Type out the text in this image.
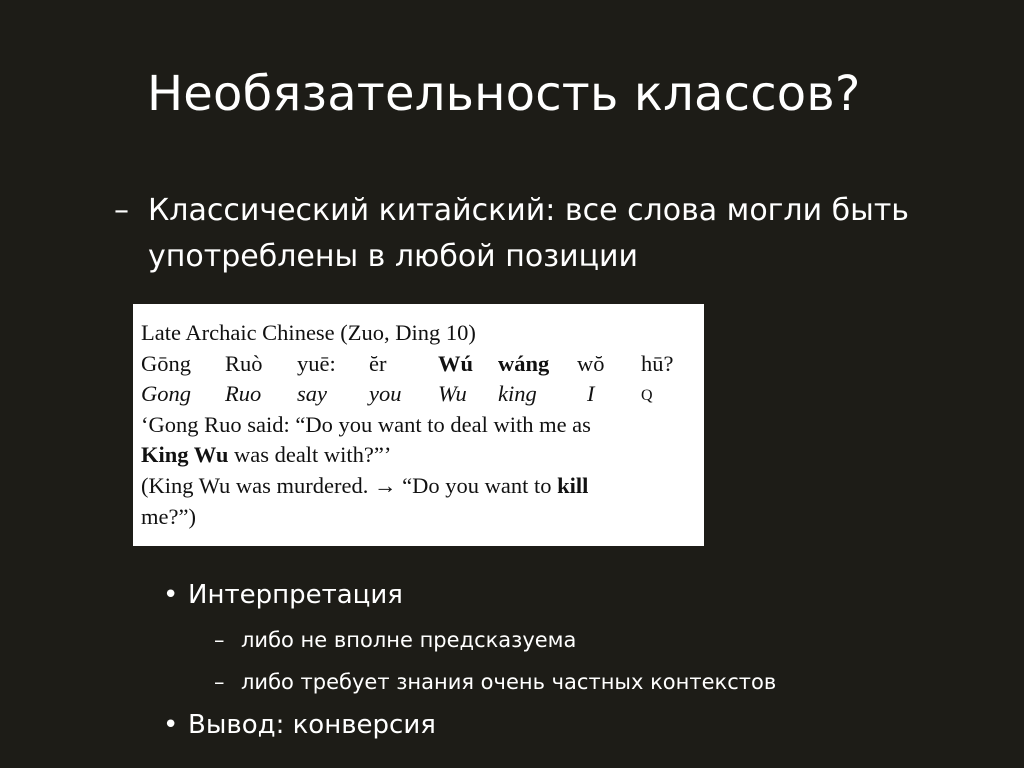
Необязательность классов?
– Классический китайский: все слова могли быть употреблены в любой позиции
Late Archaic Chinese (Zuo, Ding 10)
Gōng Ruò yuē: ĕr Wú wáng wŏ hū?
Gong Ruo say you Wu king I	Q
‘Gong Ruo said: “Do you want to deal with me as
King Wu was dealt with?”’
(King Wu was murdered. → “Do you want to kill
me?”)
• Интерпретация
– либо не вполне предсказуема
– либо требует знания очень частных контекстов
• Вывод: конверсия
